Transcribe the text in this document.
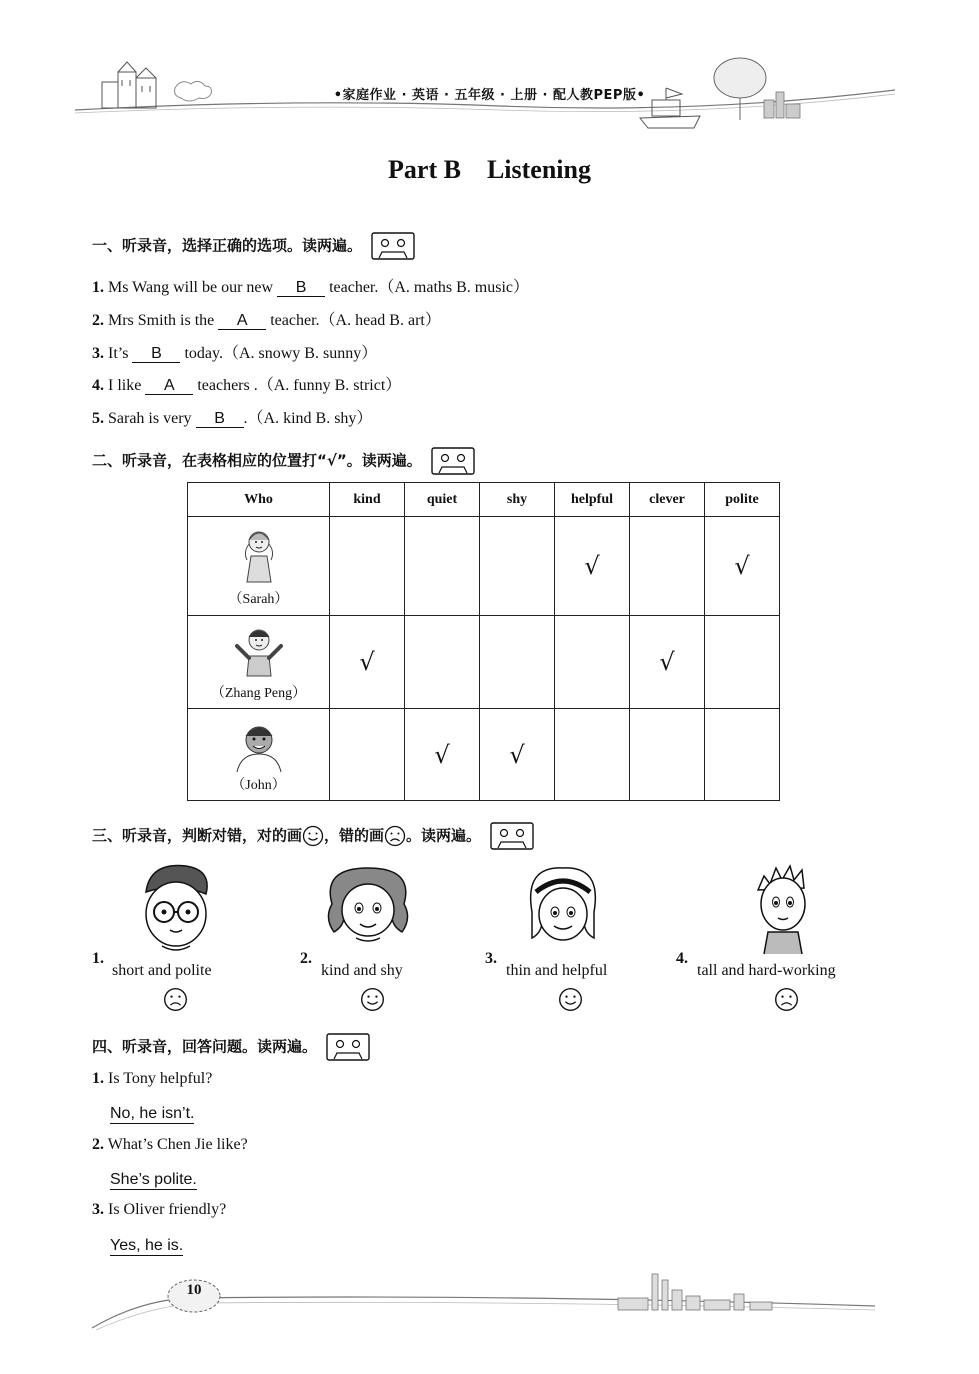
•家庭作业 · 英语 · 五年级 · 上册 · 配人教PEP版•
Part B    Listening
一、听录音，选择正确的选项。读两遍。
1. Ms Wang will be our new B teacher.（A. maths B. music）
2. Mrs Smith is the A teacher.（A. head B. art）
3. It’s B today.（A. snowy B. sunny）
4. I like A teachers .（A. funny B. strict）
5. Sarah is very B .（A. kind B. shy）
二、听录音，在表格相应的位置打“√”。读两遍。
Who	kind	quiet	shy	helpful	clever	polite

（Sarah）				√		√

（Zhang Peng）	√				√	

（John）		√	√			
三、听录音，判断对错，对的画 ，错的画 。读两遍。
1.
short and polite
2.
kind and shy
3.
thin and helpful
4.
tall and hard-working
四、听录音，回答问题。读两遍。
1. Is Tony helpful?
No, he isn’t.
2. What’s Chen Jie like?
She’s polite.
3. Is Oliver friendly?
Yes, he is.
10
